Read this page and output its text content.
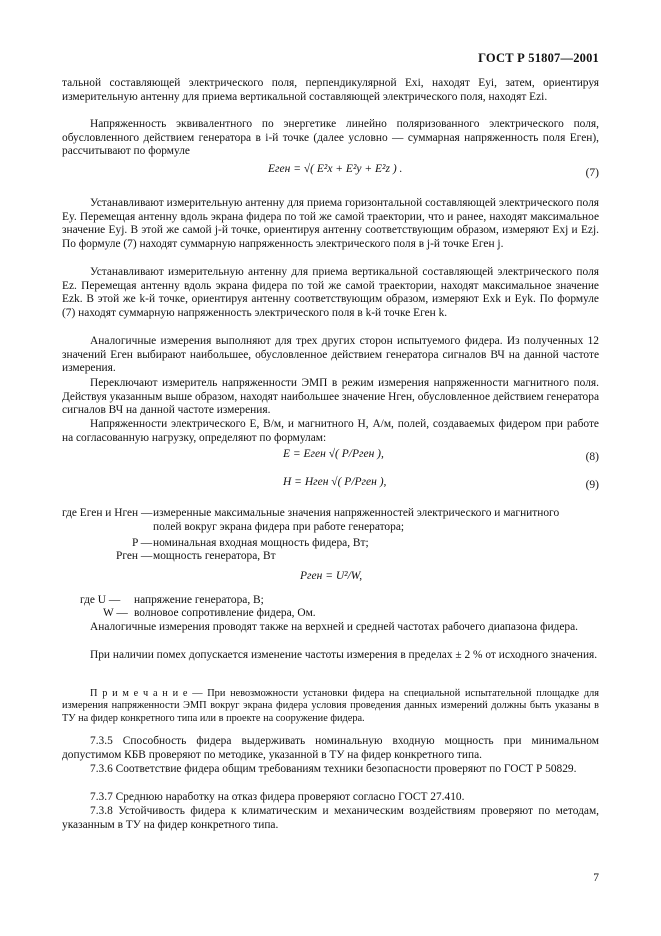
ГОСТ Р 51807—2001
тальной составляющей электрического поля, перпендикулярной Exi, находят Eyi, затем, ориентируя измерительную антенну для приема вертикальной составляющей электрического поля, находят Ezi.
Напряженность эквивалентного по энергетике линейно поляризованного электрического поля, обусловленного действием генератора в i-й точке (далее условно — суммарная напряженность поля Eген), рассчитывают по формуле
Eген = √( E²x + E²y + E²z ) .	(7)
Устанавливают измерительную антенну для приема горизонтальной составляющей электрического поля Ey. Перемещая антенну вдоль экрана фидера по той же самой траектории, что и ранее, находят максимальное значение Eyj. В этой же самой j-й точке, ориентируя антенну соответствующим образом, измеряют Exj и Ezj. По формуле (7) находят суммарную напряженность электрического поля в j-й точке Eген j.
Устанавливают измерительную антенну для приема вертикальной составляющей электрического поля Ez. Перемещая антенну вдоль экрана фидера по той же самой траектории, находят максимальное значение Ezk. В этой же k-й точке, ориентируя антенну соответствующим образом, измеряют Exk и Eyk. По формуле (7) находят суммарную напряженность электрического поля в k-й точке Eген k.
Аналогичные измерения выполняют для трех других сторон испытуемого фидера. Из полученных 12 значений Eген выбирают наибольшее, обусловленное действием генератора сигналов ВЧ на данной частоте измерения.
Переключают измеритель напряженности ЭМП в режим измерения напряженности магнитного поля. Действуя указанным выше образом, находят наибольшее значение Hген, обусловленное действием генератора сигналов ВЧ на данной частоте измерения.
Напряженности электрического E, В/м, и магнитного H, А/м, полей, создаваемых фидером при работе на согласованную нагрузку, определяют по формулам:
E = Eген √( P/Pген ),	(8)
H = Hген √( P/Pген ),	(9)
где Eген и Hген — измеренные максимальные значения напряженностей электрического и магнитного
полей вокруг экрана фидера при работе генератора;
P — номинальная входная мощность фидера, Вт;
Pген — мощность генератора, Вт
Pген = U²/W,
где U — напряжение генератора, В;
W — волновое сопротивление фидера, Ом.
Аналогичные измерения проводят также на верхней и средней частотах рабочего диапазона фидера.
При наличии помех допускается изменение частоты измерения в пределах ± 2 % от исходного значения.
П р и м е ч а н и е — При невозможности установки фидера на специальной испытательной площадке для измерения напряженности ЭМП вокруг экрана фидера условия проведения данных измерений должны быть указаны в ТУ на фидер конкретного типа или в проекте на сооружение фидера.
7.3.5 Способность фидера выдерживать номинальную входную мощность при минимальном допустимом КБВ проверяют по методике, указанной в ТУ на фидер конкретного типа.
7.3.6 Соответствие фидера общим требованиям техники безопасности проверяют по ГОСТ Р 50829.
7.3.7 Среднюю наработку на отказ фидера проверяют согласно ГОСТ 27.410.
7.3.8 Устойчивость фидера к климатическим и механическим воздействиям проверяют по методам, указанным в ТУ на фидер конкретного типа.
7
